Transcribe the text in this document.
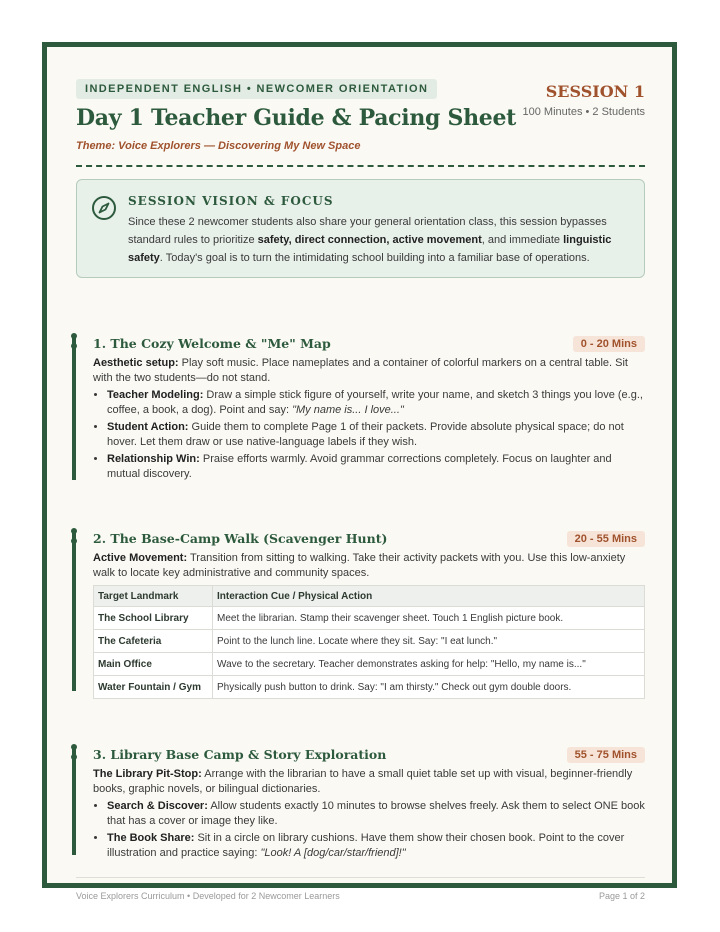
INDEPENDENT ENGLISH • NEWCOMER ORIENTATION
Day 1 Teacher Guide & Pacing Sheet
Theme: Voice Explorers — Discovering My New Space
SESSION 1
100 Minutes • 2 Students
SESSION VISION & FOCUS
Since these 2 newcomer students also share your general orientation class, this session bypasses standard rules to prioritize safety, direct connection, active movement, and immediate linguistic safety. Today's goal is to turn the intimidating school building into a familiar base of operations.
1. The Cozy Welcome & "Me" Map	0 - 20 Mins
Aesthetic setup: Play soft music. Place nameplates and a container of colorful markers on a central table. Sit with the two students—do not stand.
• Teacher Modeling: Draw a simple stick figure of yourself, write your name, and sketch 3 things you love (e.g., coffee, a book, a dog). Point and say: "My name is... I love..."
• Student Action: Guide them to complete Page 1 of their packets. Provide absolute physical space; do not hover. Let them draw or use native-language labels if they wish.
• Relationship Win: Praise efforts warmly. Avoid grammar corrections completely. Focus on laughter and mutual discovery.
2. The Base-Camp Walk (Scavenger Hunt)	20 - 55 Mins
Active Movement: Transition from sitting to walking. Take their activity packets with you. Use this low-anxiety walk to locate key administrative and community spaces.
Target Landmark	Interaction Cue / Physical Action
The School Library	Meet the librarian. Stamp their scavenger sheet. Touch 1 English picture book.
The Cafeteria	Point to the lunch line. Locate where they sit. Say: "I eat lunch."
Main Office	Wave to the secretary. Teacher demonstrates asking for help: "Hello, my name is..."
Water Fountain / Gym	Physically push button to drink. Say: "I am thirsty." Check out gym double doors.
3. Library Base Camp & Story Exploration	55 - 75 Mins
The Library Pit-Stop: Arrange with the librarian to have a small quiet table set up with visual, beginner-friendly books, graphic novels, or bilingual dictionaries.
• Search & Discover: Allow students exactly 10 minutes to browse shelves freely. Ask them to select ONE book that has a cover or image they like.
• The Book Share: Sit in a circle on library cushions. Have them show their chosen book. Point to the cover illustration and practice saying: "Look! A [dog/car/star/friend]!"
Voice Explorers Curriculum • Developed for 2 Newcomer Learners	Page 1 of 2
